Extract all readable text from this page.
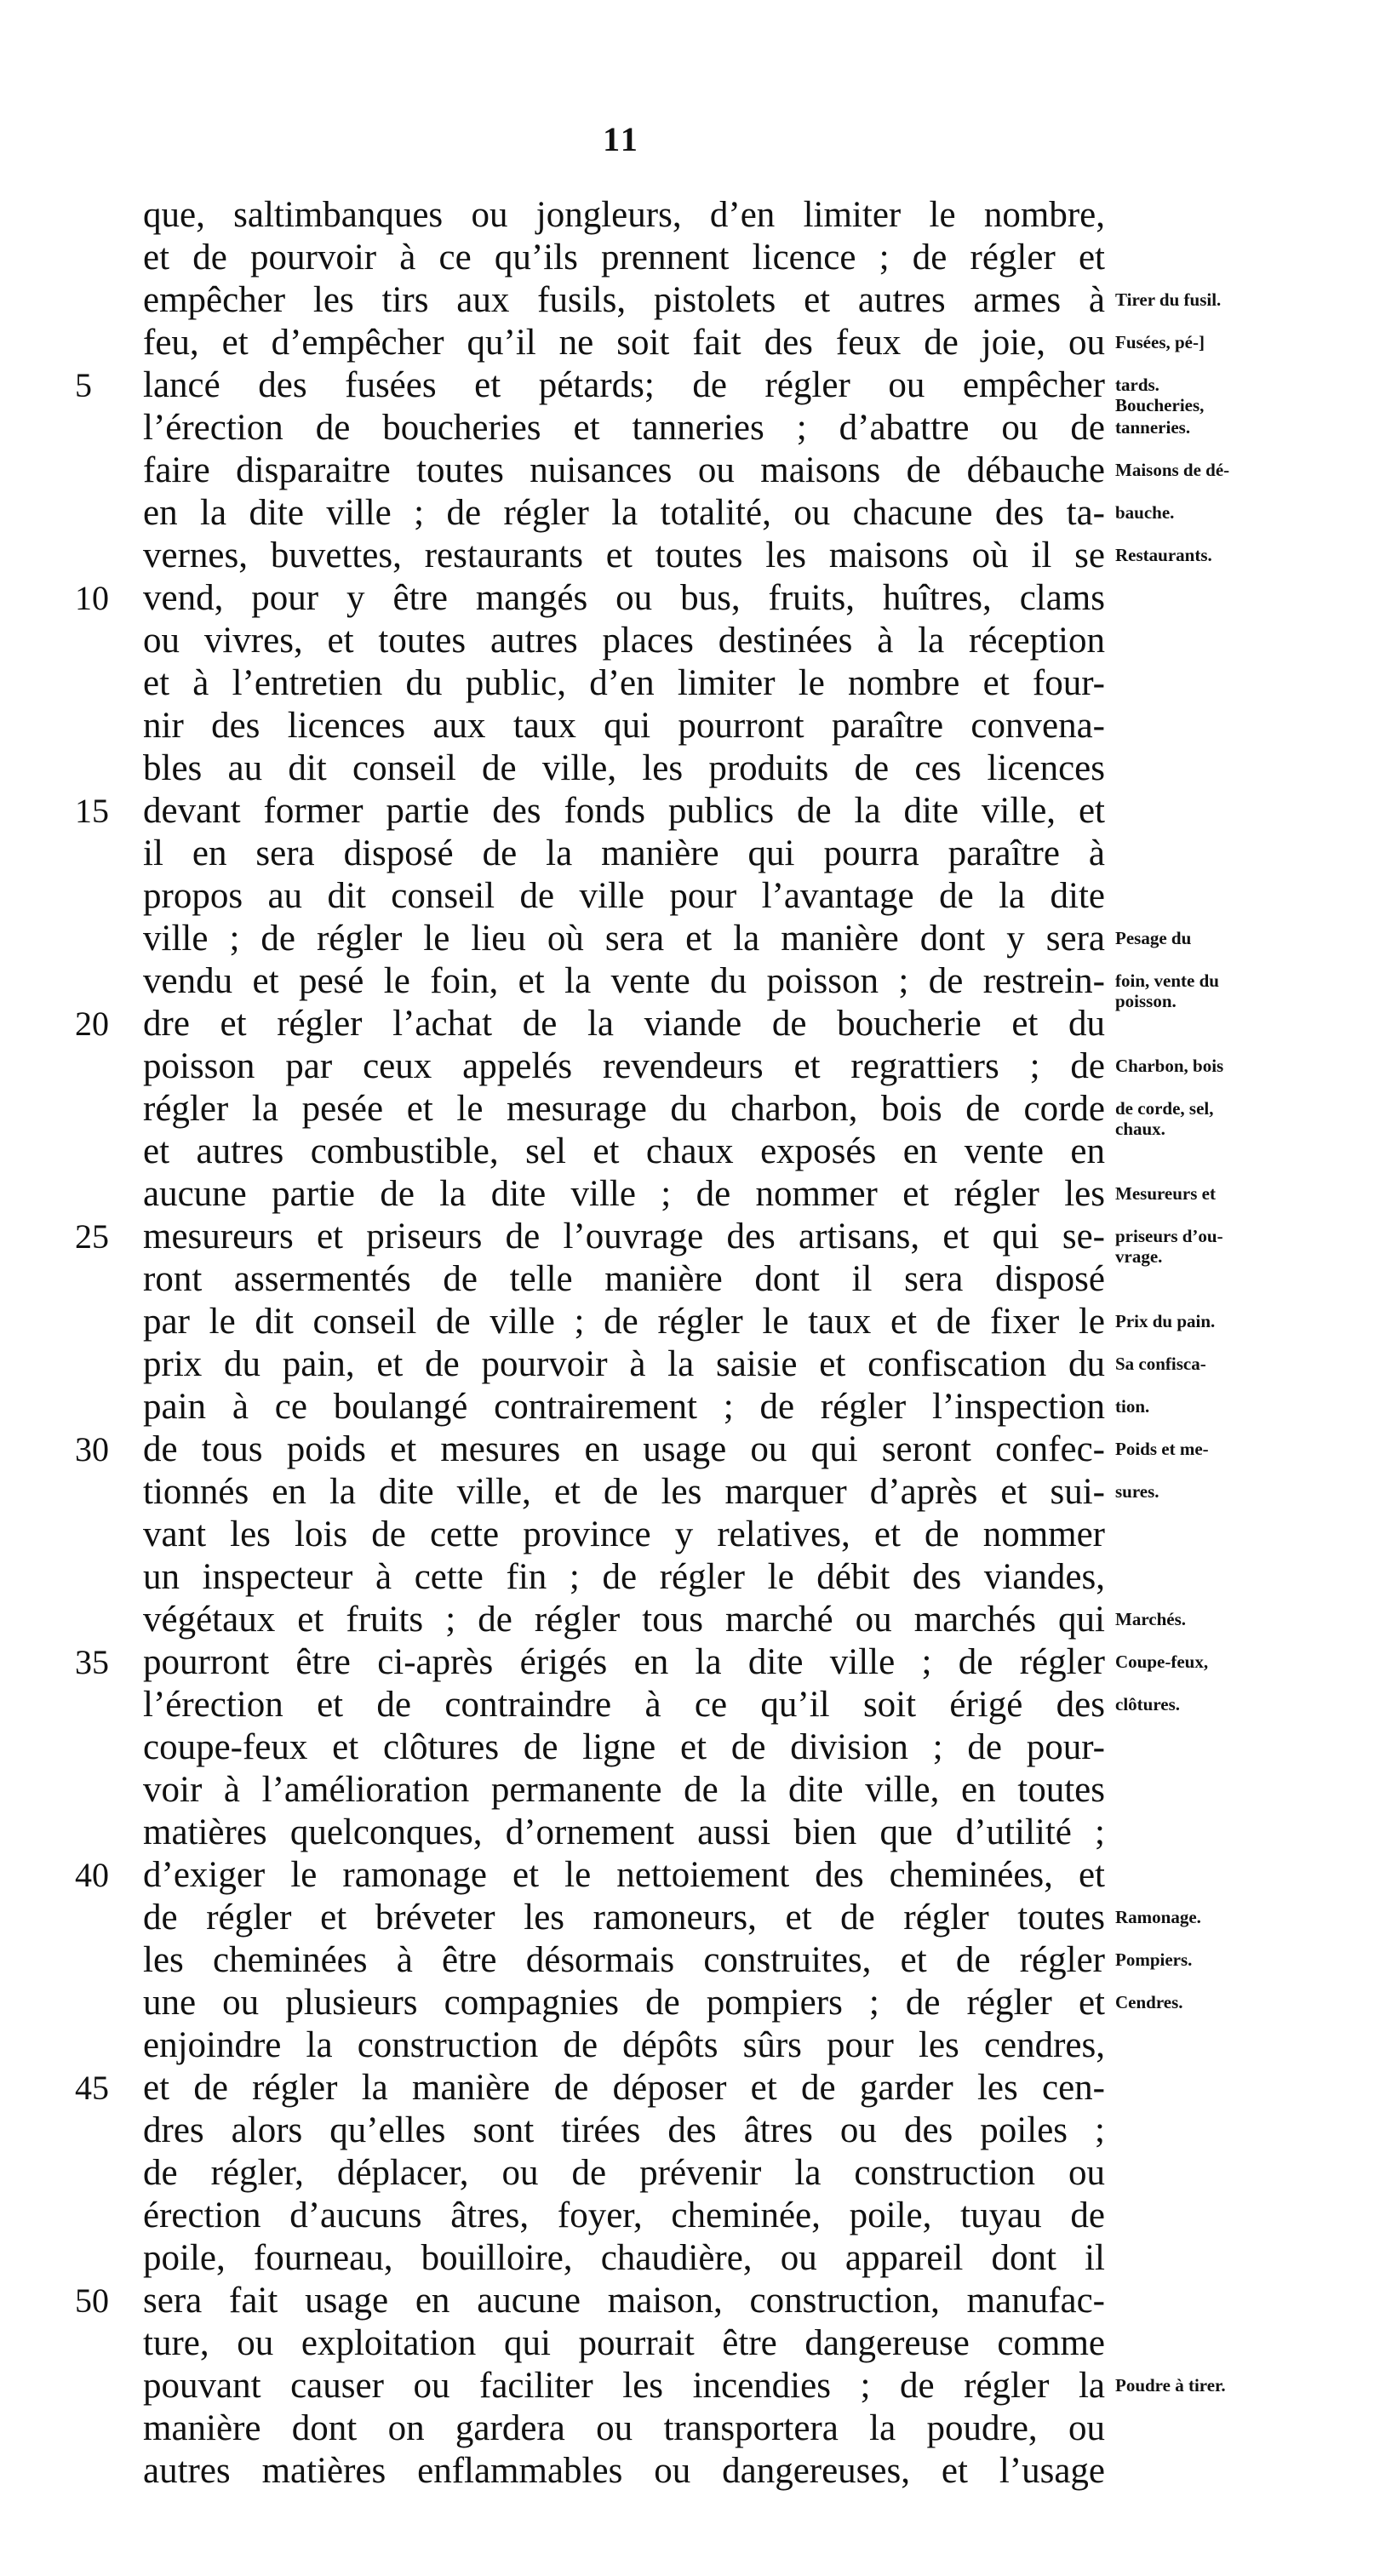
11
que, saltimbanques ou jongleurs, d’en limiter le nombre,
et de pourvoir à ce qu’ils prennent licence ; de régler et
empêcher les tirs aux fusils, pistolets et autres armes à Tirer du fusil.
feu, et d’empêcher qu’il ne soit fait des feux de joie, ou Fusées, pé-]
5	lancé des fusées et pétards; de régler ou empêcher tards.
Boucheries,
l’érection de boucheries et tanneries ; d’abattre ou de tanneries.
faire disparaitre toutes nuisances ou maisons de débauche Maisons de dé-
en la dite ville ; de régler la totalité, ou chacune des ta- bauche.
vernes, buvettes, restaurants et toutes les maisons où il se Restaurants.
10 vend, pour y être mangés ou bus, fruits, huîtres, clams
ou vivres, et toutes autres places destinées à la réception
et à l’entretien du public, d’en limiter le nombre et four-
nir des licences aux taux qui pourront paraître convena-
bles au dit conseil de ville, les produits de ces licences
15 devant former partie des fonds publics de la dite ville, et
il en sera disposé de la manière qui pourra paraître à
propos au dit conseil de ville pour l’avantage de la dite
ville ; de régler le lieu où sera et la manière dont y sera Pesage du
vendu et pesé le foin, et la vente du poisson ; de restrein- foin, vente du
poisson.
20 dre et régler l’achat de la viande de boucherie et du
poisson par ceux appelés revendeurs et regrattiers ; de Charbon, bois
régler la pesée et le mesurage du charbon, bois de corde de corde, sel,
chaux.
et autres combustible, sel et chaux exposés en vente en
aucune partie de la dite ville ; de nommer et régler les Mesureurs et
25 mesureurs et priseurs de l’ouvrage des artisans, et qui se- priseurs d’ou-
vrage.
ront assermentés de telle manière dont il sera disposé
par le dit conseil de ville ; de régler le taux et de fixer le Prix du pain.
prix du pain, et de pourvoir à la saisie et confiscation du Sa confisca-
pain à ce boulangé contrairement ; de régler l’inspection tion.
30 de tous poids et mesures en usage ou qui seront confec- Poids et me-
tionnés en la dite ville, et de les marquer d’après et sui- sures.
vant les lois de cette province y relatives, et de nommer
un inspecteur à cette fin ; de régler le débit des viandes,
végétaux et fruits ; de régler tous marché ou marchés qui Marchés.
35 pourront être ci-après érigés en la dite ville ; de régler Coupe-feux,
l’érection et de contraindre à ce qu’il soit érigé des clôtures.
coupe-feux et clôtures de ligne et de division ; de pour-
voir à l’amélioration permanente de la dite ville, en toutes
matières quelconques, d’ornement aussi bien que d’utilité ;
40 d’exiger le ramonage et le nettoiement des cheminées, et
de régler et bréveter les ramoneurs, et de régler toutes Ramonage.
les cheminées à être désormais construites, et de régler Pompiers.
une ou plusieurs compagnies de pompiers ; de régler et Cendres.
enjoindre la construction de dépôts sûrs pour les cendres,
45 et de régler la manière de déposer et de garder les cen-
dres alors qu’elles sont tirées des âtres ou des poiles ;
de régler, déplacer, ou de prévenir la construction ou
érection d’aucuns âtres, foyer, cheminée, poile, tuyau de
poile, fourneau, bouilloire, chaudière, ou appareil dont il
50 sera fait usage en aucune maison, construction, manufac-
ture, ou exploitation qui pourrait être dangereuse comme
pouvant causer ou faciliter les incendies ; de régler la Poudre à tirer.
manière dont on gardera ou transportera la poudre, ou
autres matières enflammables ou dangereuses, et l’usage
